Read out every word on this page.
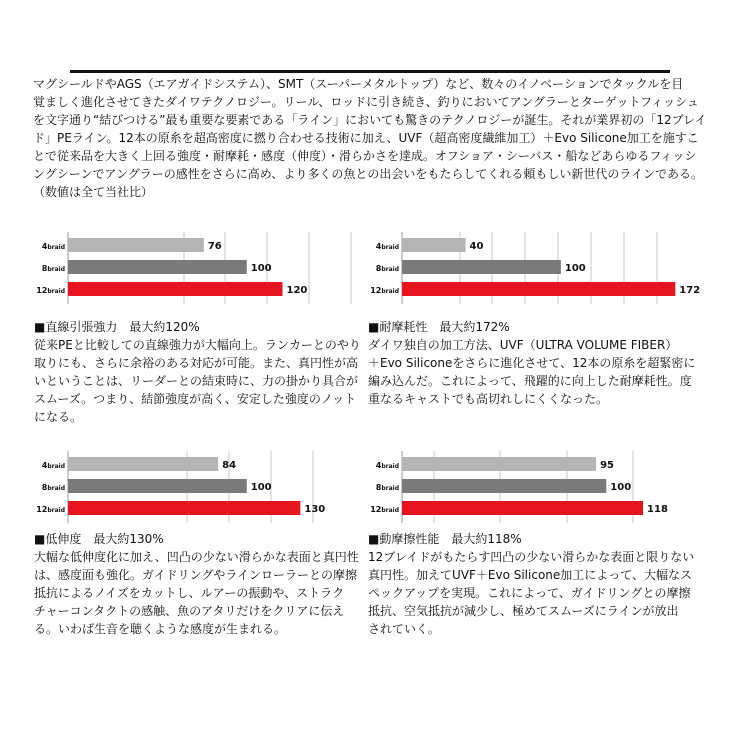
マグシールドやAGS（エアガイドシステム）、SMT（スーパーメタルトップ）など、数々のイノベーションでタックルを目

覚ましく進化させてきたダイワテクノロジー。リール、ロッドに引き続き、釣りにおいてアングラーとターゲットフィッシュ

を文字通り“結びつける”最も重要な要素である「ライン」においても驚きのテクノロジーが誕生。それが業界初の「12ブレイ

ド」PEライン。12本の原糸を超高密度に撚り合わせる技術に加え、UVF（超高密度繊維加工）＋Evo Silicone加工を施すこ

とで従来品を大きく上回る強度・耐摩耗・感度（伸度）・滑らかさを達成。オフショア・シーバス・船などあらゆるフィッシ

ングシーンでアングラーの感性をさらに高め、より多くの魚との出会いをもたらしてくれる頼もしい新世代のラインである。

（数値は全て当社比）

4braid	76
8braid	100
12braid	120
4braid	40
8braid	100
12braid	172
4braid	84
8braid	100
12braid	130
4braid	95
8braid	100
12braid	118
■直線引張強力　最大約120%
従来PEと比較しての直線強力が大幅向上。ランカーとのやり
取りにも、さらに余裕のある対応が可能。また、真円性が高
いということは、リーダーとの結束時に、力の掛かり具合が
スムーズ。つまり、結節強度が高く、安定した強度のノット
になる。
■耐摩耗性　最大約172%
ダイワ独自の加工方法、UVF（ULTRA VOLUME FIBER）
＋Evo Siliconeをさらに進化させて、12本の原糸を超緊密に
編み込んだ。これによって、飛躍的に向上した耐摩耗性。度
重なるキャストでも高切れしにくくなった。
■低伸度　最大約130%
大幅な低伸度化に加え、凹凸の少ない滑らかな表面と真円性
は、感度面も強化。ガイドリングやラインローラーとの摩擦
抵抗によるノイズをカットし、ルアーの振動や、ストラク
チャーコンタクトの感触、魚のアタリだけをクリアに伝え
る。いわば生音を聴くような感度が生まれる。
■動摩擦性能　最大約118%
12ブレイドがもたらす凹凸の少ない滑らかな表面と限りない
真円性。加えてUVF＋Evo Silicone加工によって、大幅なス
ペックアップを実現。これによって、ガイドリングとの摩擦
抵抗、空気抵抗が減少し、極めてスムーズにラインが放出
されていく。
